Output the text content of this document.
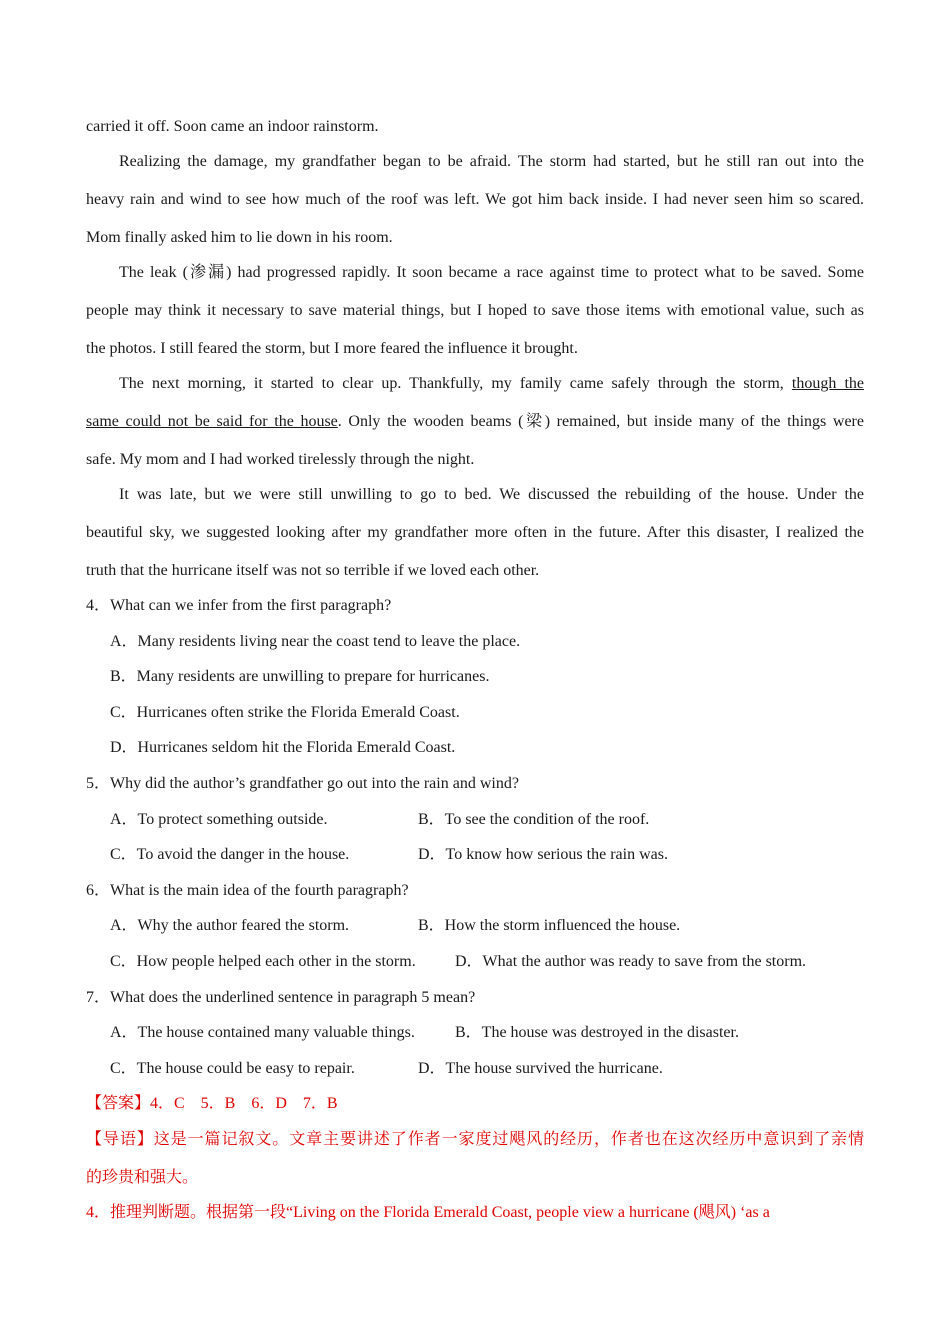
carried it off. Soon came an indoor rainstorm.
Realizing the damage, my grandfather began to be afraid. The storm had started, but he still ran out into the
heavy rain and wind to see how much of the roof was left. We got him back inside. I had never seen him so scared.
Mom finally asked him to lie down in his room.
The leak (渗漏) had progressed rapidly. It soon became a race against time to protect what to be saved. Some
people may think it necessary to save material things, but I hoped to save those items with emotional value, such as
the photos. I still feared the storm, but I more feared the influence it brought.
The next morning, it started to clear up. Thankfully, my family came safely through the storm, though the
same could not be said for the house. Only the wooden beams (梁) remained, but inside many of the things were
safe. My mom and I had worked tirelessly through the night.
It was late, but we were still unwilling to go to bed. We discussed the rebuilding of the house. Under the
beautiful sky, we suggested looking after my grandfather more often in the future. After this disaster, I realized the
truth that the hurricane itself was not so terrible if we loved each other.
4．What can we infer from the first paragraph?
A．Many residents living near the coast tend to leave the place.
B．Many residents are unwilling to prepare for hurricanes.
C．Hurricanes often strike the Florida Emerald Coast.
D．Hurricanes seldom hit the Florida Emerald Coast.
5．Why did the author’s grandfather go out into the rain and wind?
A．To protect something outside.	B．To see the condition of the roof.
C．To avoid the danger in the house.	D．To know how serious the rain was.
6．What is the main idea of the fourth paragraph?
A．Why the author feared the storm.	B．How the storm influenced the house.
C．How people helped each other in the storm. D．What the author was ready to save from the storm.
7．What does the underlined sentence in paragraph 5 mean?
A．The house contained many valuable things.	B．The house was destroyed in the disaster.
C．The house could be easy to repair.	D．The house survived the hurricane.
【答案】4．C　5．B　6．D　7．B
【导语】这是一篇记叙文。文章主要讲述了作者一家度过飓风的经历，作者也在这次经历中意识到了亲情
的珍贵和强大。
4．推理判断题。根据第一段“Living on the Florida Emerald Coast, people view a hurricane (飓风) ‘as a
